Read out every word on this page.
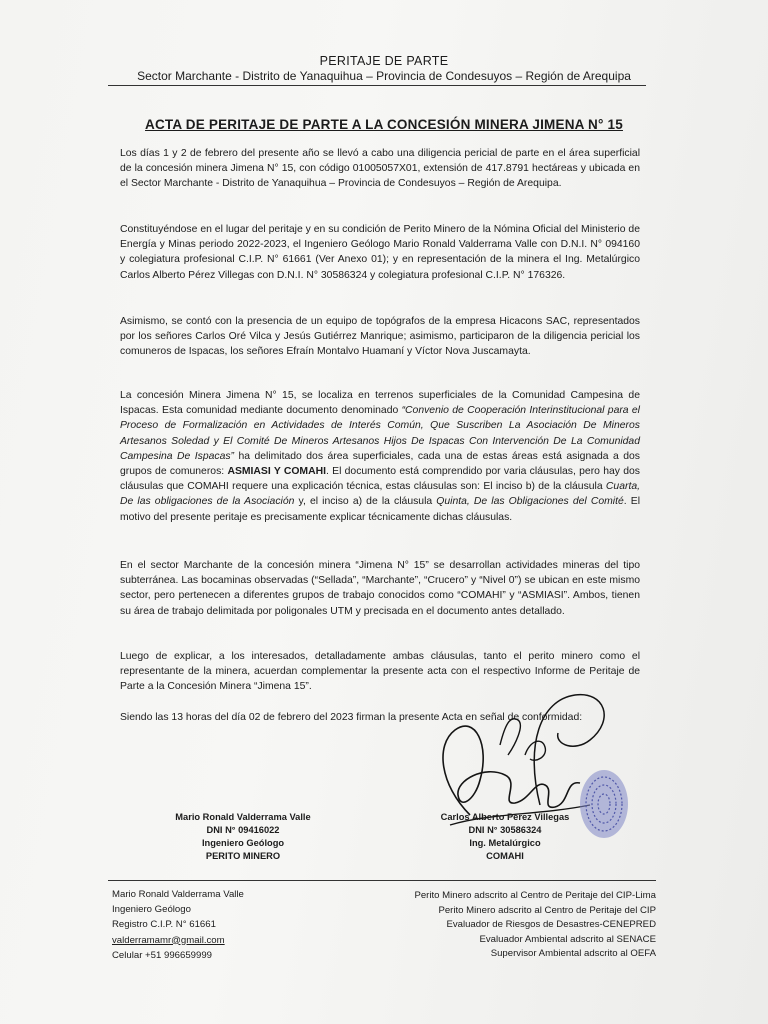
PERITAJE DE PARTE
Sector Marchante - Distrito de Yanaquihua – Provincia de Condesuyos – Región de Arequipa
ACTA DE PERITAJE DE PARTE A LA CONCESIÓN MINERA JIMENA N° 15
Los días 1 y 2 de febrero del presente año se llevó a cabo una diligencia pericial de parte en el área superficial de la concesión minera Jimena N° 15, con código 01005057X01, extensión de 417.8791 hectáreas y ubicada en el Sector Marchante - Distrito de Yanaquihua – Provincia de Condesuyos – Región de Arequipa.
Constituyéndose en el lugar del peritaje y en su condición de Perito Minero de la Nómina Oficial del Ministerio de Energía y Minas periodo 2022-2023, el Ingeniero Geólogo Mario Ronald Valderrama Valle con D.N.I. N° 094160 y colegiatura profesional C.I.P. N° 61661 (Ver Anexo 01); y en representación de la minera el Ing. Metalúrgico Carlos Alberto Pérez Villegas con D.N.I. N° 30586324 y colegiatura profesional C.I.P. N° 176326.
Asimismo, se contó con la presencia de un equipo de topógrafos de la empresa Hicacons SAC, representados por los señores Carlos Oré Vilca y Jesús Gutiérrez Manrique; asimismo, participaron de la diligencia pericial los comuneros de Ispacas, los señores Efraín Montalvo Huamaní y Víctor Nova Juscamayta.
La concesión Minera Jimena N° 15, se localiza en terrenos superficiales de la Comunidad Campesina de Ispacas. Esta comunidad mediante documento denominado “Convenio de Cooperación Interinstitucional para el Proceso de Formalización en Actividades de Interés Común, Que Suscriben La Asociación De Mineros Artesanos Soledad y El Comité De Mineros Artesanos Hijos De Ispacas Con Intervención De La Comunidad Campesina De Ispacas” ha delimitado dos área superficiales, cada una de estas áreas está asignada a dos grupos de comuneros: ASMIASI Y COMAHI. El documento está comprendido por varia cláusulas, pero hay dos cláusulas que COMAHI requere una explicación técnica, estas cláusulas son: El inciso b) de la cláusula Cuarta, De las obligaciones de la Asociación y, el inciso a) de la cláusula Quinta, De las Obligaciones del Comité. El motivo del presente peritaje es precisamente explicar técnicamente dichas cláusulas.
En el sector Marchante de la concesión minera “Jimena N° 15” se desarrollan actividades mineras del tipo subterránea. Las bocaminas observadas (“Sellada”, “Marchante”, “Crucero” y “Nivel 0”) se ubican en este mismo sector, pero pertenecen a diferentes grupos de trabajo conocidos como “COMAHI” y “ASMIASI”. Ambos, tienen su área de trabajo delimitada por poligonales UTM y precisada en el documento antes detallado.
Luego de explicar, a los interesados, detalladamente ambas cláusulas, tanto el perito minero como el representante de la minera, acuerdan complementar la presente acta con el respectivo Informe de Peritaje de Parte a la Concesión Minera “Jimena 15”.
Siendo las 13 horas del día 02 de febrero del 2023 firman la presente Acta en señal de conformidad:
Mario Ronald Valderrama Valle
DNI N° 09416022
Ingeniero Geólogo
PERITO MINERO
Carlos Alberto Pérez Villegas
DNI N° 30586324
Ing. Metalúrgico
COMAHI
Mario Ronald Valderrama Valle
Ingeniero Geólogo
Registro C.I.P. N° 61661
valderramamr@gmail.com
Celular +51 996659999
Perito Minero adscrito al Centro de Peritaje del CIP-Lima
Perito Minero adscrito al Centro de Peritaje del CIP
Evaluador de Riesgos de Desastres-CENEPRED
Evaluador Ambiental adscrito al SENACE
Supervisor Ambiental adscrito al OEFA
